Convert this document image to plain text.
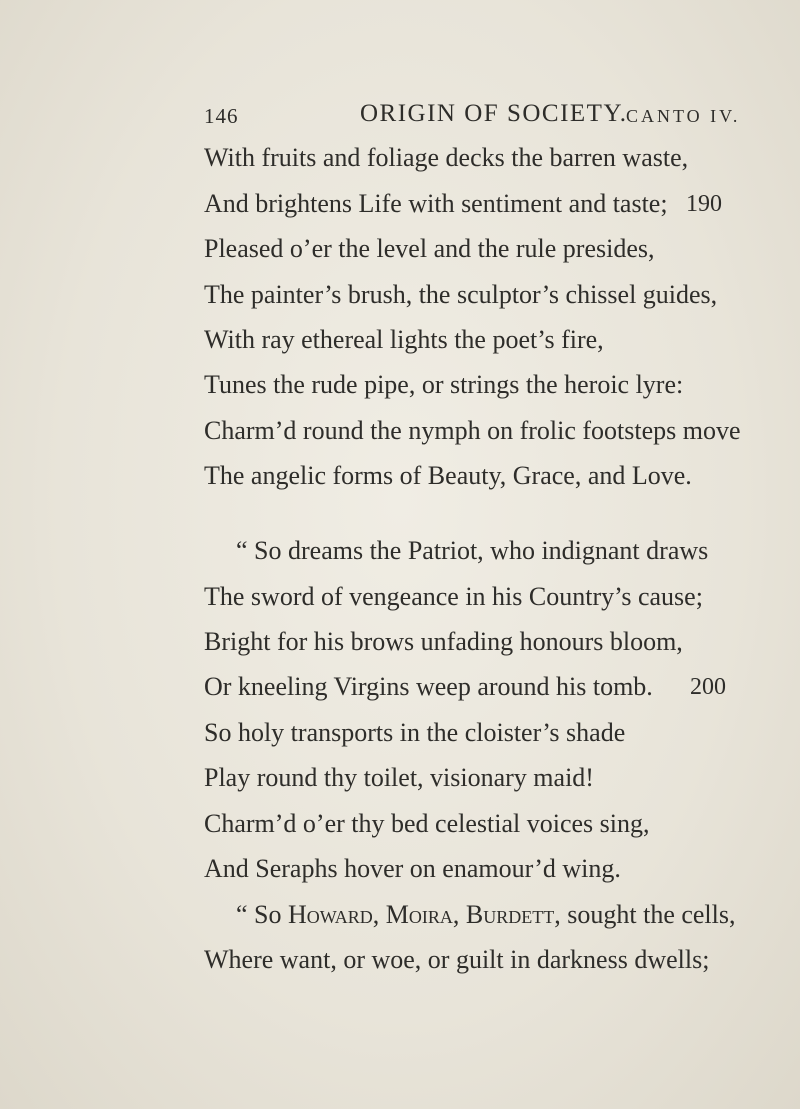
146	ORIGIN OF SOCIETY.
CANTO IV.
With fruits and foliage decks the barren waste,
And brightens Life with sentiment and taste; 190
Pleased o’er the level and the rule presides,
The painter’s brush, the sculptor’s chissel guides,
With ray ethereal lights the poet’s fire,
Tunes the rude pipe, or strings the heroic lyre:
Charm’d round the nymph on frolic footsteps move
The angelic forms of Beauty, Grace, and Love.
“ So dreams the Patriot, who indignant draws
The sword of vengeance in his Country’s cause;
Bright for his brows unfading honours bloom,
Or kneeling Virgins weep around his tomb. 200
So holy transports in the cloister’s shade
Play round thy toilet, visionary maid!
Charm’d o’er thy bed celestial voices sing,
And Seraphs hover on enamour’d wing.
“ So Howard, Moira, Burdett, sought the cells,
Where want, or woe, or guilt in darkness dwells;
